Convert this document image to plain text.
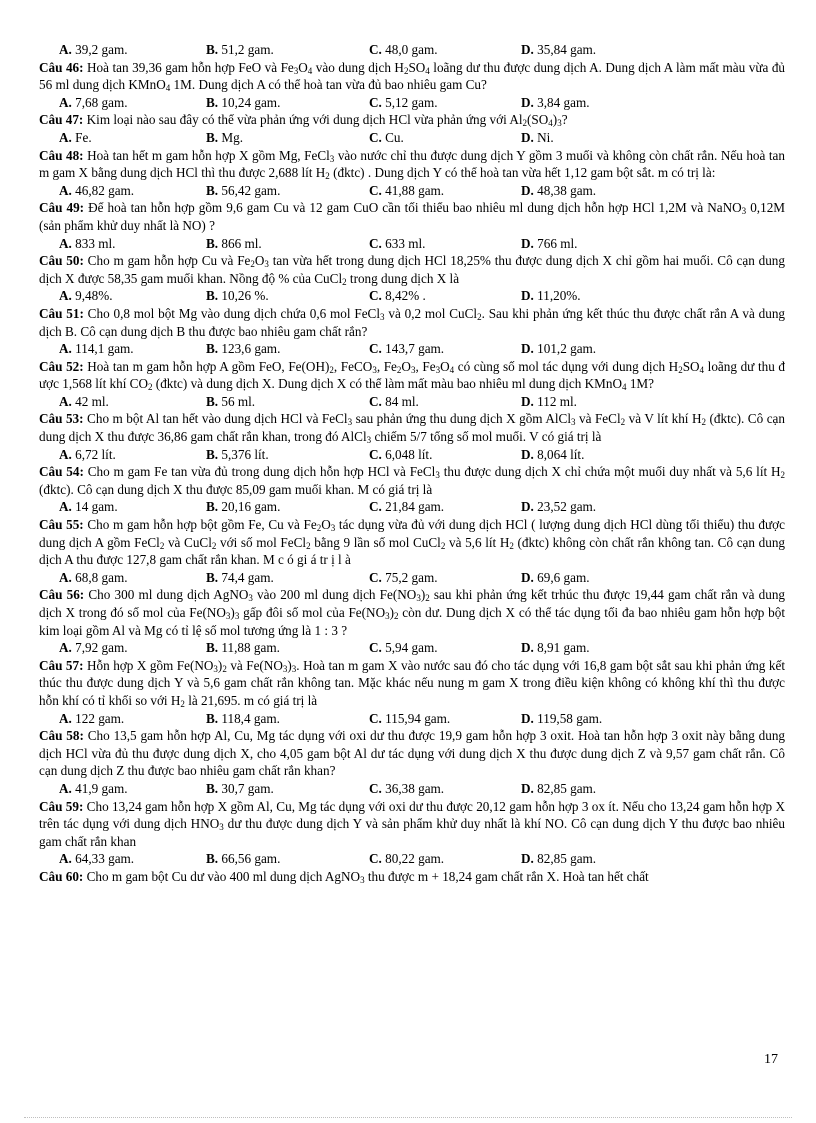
A. 39,2 gam.	B. 51,2 gam.	C. 48,0 gam.	D. 35,84 gam.
Câu 46: Hoà tan 39,36 gam hỗn hợp FeO và $Fe_3O_4$ vào dung dịch $H_2SO_4$ loãng dư thu được dung dịch A. Dung dịch A làm mất màu vừa đủ 56 ml dung dịch KMnO$_4$ 1M. Dung dịch A có thể hoà tan vừa đủ bao nhiêu gam Cu?
A. 7,68 gam.	B. 10,24 gam.	C. 5,12 gam.	D. 3,84 gam.
Câu 47: Kim loại nào sau đây có thể vừa phản ứng với dung dịch HCl vừa phản ứng với $Al_2(SO_4)_3$?
A. Fe.	B. Mg.	C. Cu.	D. Ni.
Câu 48: Hoà tan hết m gam hỗn hợp X gồm Mg, FeCl$_3$ vào nước chỉ thu được dung dịch Y gồm 3 muối và không còn chất rắn. Nếu hoà tan m gam X bằng dung dịch HCl thì thu được 2,688 lít $H_2$ (đktc) . Dung dịch Y có thể hoà tan vừa hết 1,12 gam bột sắt. m có trị là:
A. 46,82 gam.	B. 56,42 gam.	C. 41,88 gam.	D. 48,38 gam.
Câu 49: Để hoà tan hỗn hợp gồm 9,6 gam Cu và 12 gam CuO cần tối thiểu bao nhiêu ml dung dịch hỗn hợp HCl 1,2M và NaNO$_3$ 0,12M (sản phẩm khử duy nhất là NO) ?
A. 833 ml.	B. 866 ml.	C. 633 ml.	D. 766 ml.
Câu 50: Cho m gam hỗn hợp Cu và $Fe_2O_3$ tan vừa hết trong dung dịch HCl 18,25% thu được dung dịch X chỉ gồm hai muối. Cô cạn dung dịch X được 58,35 gam muối khan. Nồng độ % của CuCl$_2$ trong dung dịch X là
A. 9,48%.	B. 10,26 %.	C. 8,42% .	D. 11,20%.
Câu 51: Cho 0,8 mol bột Mg vào dung dịch chứa 0,6 mol FeCl$_3$ và 0,2 mol CuCl$_2$. Sau khi phản ứng kết thúc thu được chất rắn A và dung dịch B. Cô cạn dung dịch B thu được bao nhiêu gam chất rắn?
A. 114,1 gam.	B. 123,6 gam.	C. 143,7 gam.	D. 101,2 gam.
Câu 52: Hoà tan m gam hỗn hợp A gồm FeO, $Fe(OH)_2$, FeCO$_3$, $Fe_2O_3$, $Fe_3O_4$ có cùng số mol tác dụng với dung dịch $H_2SO_4$ loãng dư thu đ ược 1,568 lít khí $CO_2$ (đktc) và dung dịch X. Dung dịch X có thể làm mất màu bao nhiêu ml dung dịch KMnO$_4$ 1M?
A. 42 ml.	B. 56 ml.	C. 84 ml.	D. 112 ml.
Câu 53: Cho m bột Al tan hết vào dung dịch HCl và FeCl$_3$ sau phản ứng thu dung dịch X gồm AlCl$_3$ và FeCl$_2$ và V lít khí $H_2$ (đktc). Cô cạn dung dịch X thu được 36,86 gam chất rắn khan, trong đó AlCl$_3$ chiếm 5/7 tổng số mol muối. V có giá trị là
A. 6,72 lít.	B. 5,376 lít.	C. 6,048 lít.	D. 8,064 lít.
Câu 54: Cho m gam Fe tan vừa đủ trong dung dịch hỗn hợp HCl và FeCl$_3$ thu được dung dịch X chỉ chứa một muối duy nhất và 5,6 lít $H_2$ (đktc). Cô cạn dung dịch X thu được 85,09 gam muối khan. M có giá trị là
A. 14 gam.	B. 20,16 gam.	C. 21,84 gam.	D. 23,52 gam.
Câu 55: Cho m gam hỗn hợp bột gồm Fe, Cu và $Fe_2O_3$ tác dụng vừa đủ với dung dịch HCl ( lượng dung dịch HCl dùng tối thiểu) thu được dung dịch A gồm FeCl$_2$ và CuCl$_2$ với số mol FeCl$_2$ bằng 9 lần số mol CuCl$_2$ và 5,6 lít $H_2$ (đktc) không còn chất rắn không tan. Cô cạn dung dịch A thu được 127,8 gam chất rắn khan. M c ó gi á tr ị l à
A. 68,8 gam.	B. 74,4 gam.	C. 75,2 gam.	D. 69,6 gam.
Câu 56: Cho 300 ml dung dịch AgNO$_3$ vào 200 ml dung dịch $Fe(NO_3)_2$ sau khi phản ứng kết trhúc thu được 19,44 gam chất rắn và dung dịch X trong đó số mol của $Fe(NO_3)_3$ gấp đôi số mol của $Fe(NO_3)_2$ còn dư. Dung dịch X có thể tác dụng tối đa bao nhiêu gam hỗn hợp bột kim loại gồm Al và Mg có tỉ lệ số mol tương ứng là 1 : 3 ?
A. 7,92 gam.	B. 11,88 gam.	C. 5,94 gam.	D. 8,91 gam.
Câu 57: Hỗn hợp X gồm $Fe(NO_3)_2$ và $Fe(NO_3)_3$. Hoà tan m gam X vào nước sau đó cho tác dụng với 16,8 gam bột sắt sau khi phản ứng kết thúc thu được dung dịch Y và 5,6 gam chất rắn không tan. Mặc khác nếu nung m gam X trong điều kiện không có không khí thì thu được hỗn khí có tỉ khối so với $H_2$ là 21,695. m có giá trị là
A. 122 gam.	B. 118,4 gam.	C. 115,94 gam.	D. 119,58 gam.
Câu 58: Cho 13,5 gam hỗn hợp Al, Cu, Mg tác dụng với oxi dư thu được 19,9 gam hỗn hợp 3 oxit. Hoà tan hỗn hợp 3 oxit này bằng dung dịch HCl vừa đủ thu được dung dịch X, cho 4,05 gam bột Al dư tác dụng với dung dịch X thu được dung dịch Z và 9,57 gam chất rắn. Cô cạn dung dịch Z thu được bao nhiêu gam chất rắn khan?
A. 41,9 gam.	B. 30,7 gam.	C. 36,38 gam.	D. 82,85 gam.
Câu 59: Cho 13,24 gam hỗn hợp X gồm Al, Cu, Mg tác dụng với oxi dư thu được 20,12 gam hỗn hợp 3 ox ít. Nếu cho 13,24 gam hỗn hợp X trên tác dụng với dung dịch $HNO_3$ dư thu được dung dịch Y và sản phẩm khử duy nhất là khí NO. Cô cạn dung dịch Y thu được bao nhiêu gam chất rắn khan
A. 64,33 gam.	B. 66,56 gam.	C. 80,22 gam.	D. 82,85 gam.
Câu 60: Cho m gam bột Cu dư vào 400 ml dung dịch AgNO$_3$ thu được m + 18,24 gam chất rắn X. Hoà tan hết chất
17
